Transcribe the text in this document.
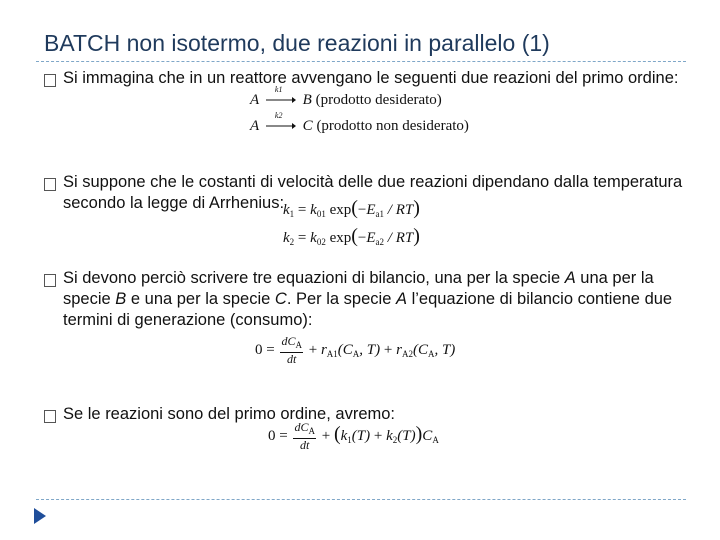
BATCH non isotermo, due reazioni in parallelo (1)
Si immagina che in un reattore avvengano le seguenti due reazioni del primo ordine:
A
k1
B (prodotto desiderato)
A
k2
C (prodotto non desiderato)
Si suppone che le costanti di velocità delle due reazioni dipendano dalla temperatura secondo la legge di Arrhenius:
$k_1 = k_{01}$ $\exp(-E_{a1} / RT)$
$k_2 = k_{02}$ $\exp(-E_{a2} / RT)$
Si devono perciò scrivere tre equazioni di bilancio, una per la specie A una per la specie B e una per la specie C. Per la specie A l’equazione di bilancio contiene due termini di generazione (consumo):
$0 = \frac{dC_A}{dt} + r_{A1}(C_A$, $T) + r_{A2}(C_A$, T)
Se le reazioni sono del primo ordine, avremo:
$0 = \frac{dC_A}{dt} + (k_1(T) + k_2(T))C_A$
